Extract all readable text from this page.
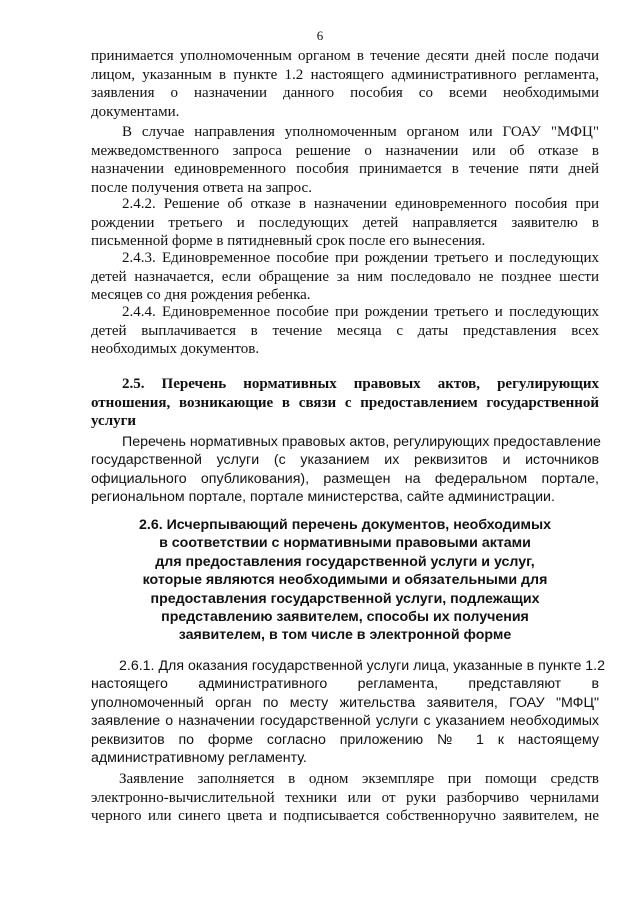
6
принимается уполномоченным органом в течение десяти дней после подачи
лицом, указанным в пункте 1.2 настоящего административного регламента,
заявления о назначении данного пособия со всеми необходимыми
документами.
В случае направления уполномоченным органом или ГОАУ "МФЦ"
межведомственного запроса решение о назначении или об отказе в
назначении единовременного пособия принимается в течение пяти дней
после получения ответа на запрос.
2.4.2. Решение об отказе в назначении единовременного пособия при
рождении третьего и последующих детей направляется заявителю в
письменной форме в пятидневный срок после его вынесения.
2.4.3. Единовременное пособие при рождении третьего и последующих
детей назначается, если обращение за ним последовало не позднее шести
месяцев со дня рождения ребенка.
2.4.4. Единовременное пособие при рождении третьего и последующих
детей выплачивается в течение месяца с даты представления всех
необходимых документов.
2.5. Перечень нормативных правовых актов, регулирующих
отношения, возникающие в связи с предоставлением государственной
услуги
Перечень нормативных правовых актов, регулирующих предоставление
государственной услуги (с указанием их реквизитов и источников
официального опубликования), размещен на федеральном портале,
региональном портале, портале министерства, сайте администрации.
2.6. Исчерпывающий перечень документов, необходимых
в соответствии с нормативными правовыми актами
для предоставления государственной услуги и услуг,
которые являются необходимыми и обязательными для
предоставления государственной услуги, подлежащих
представлению заявителем, способы их получения
заявителем, в том числе в электронной форме
2.6.1. Для оказания государственной услуги лица, указанные в пункте 1.2
настоящего административного регламента, представляют в
уполномоченный орган по месту жительства заявителя, ГОАУ "МФЦ"
заявление о назначении государственной услуги с указанием необходимых
реквизитов по форме согласно приложению № 1 к настоящему
административному регламенту.
Заявление заполняется в одном экземпляре при помощи средств
электронно-вычислительной техники или от руки разборчиво чернилами
черного или синего цвета и подписывается собственноручно заявителем, не
